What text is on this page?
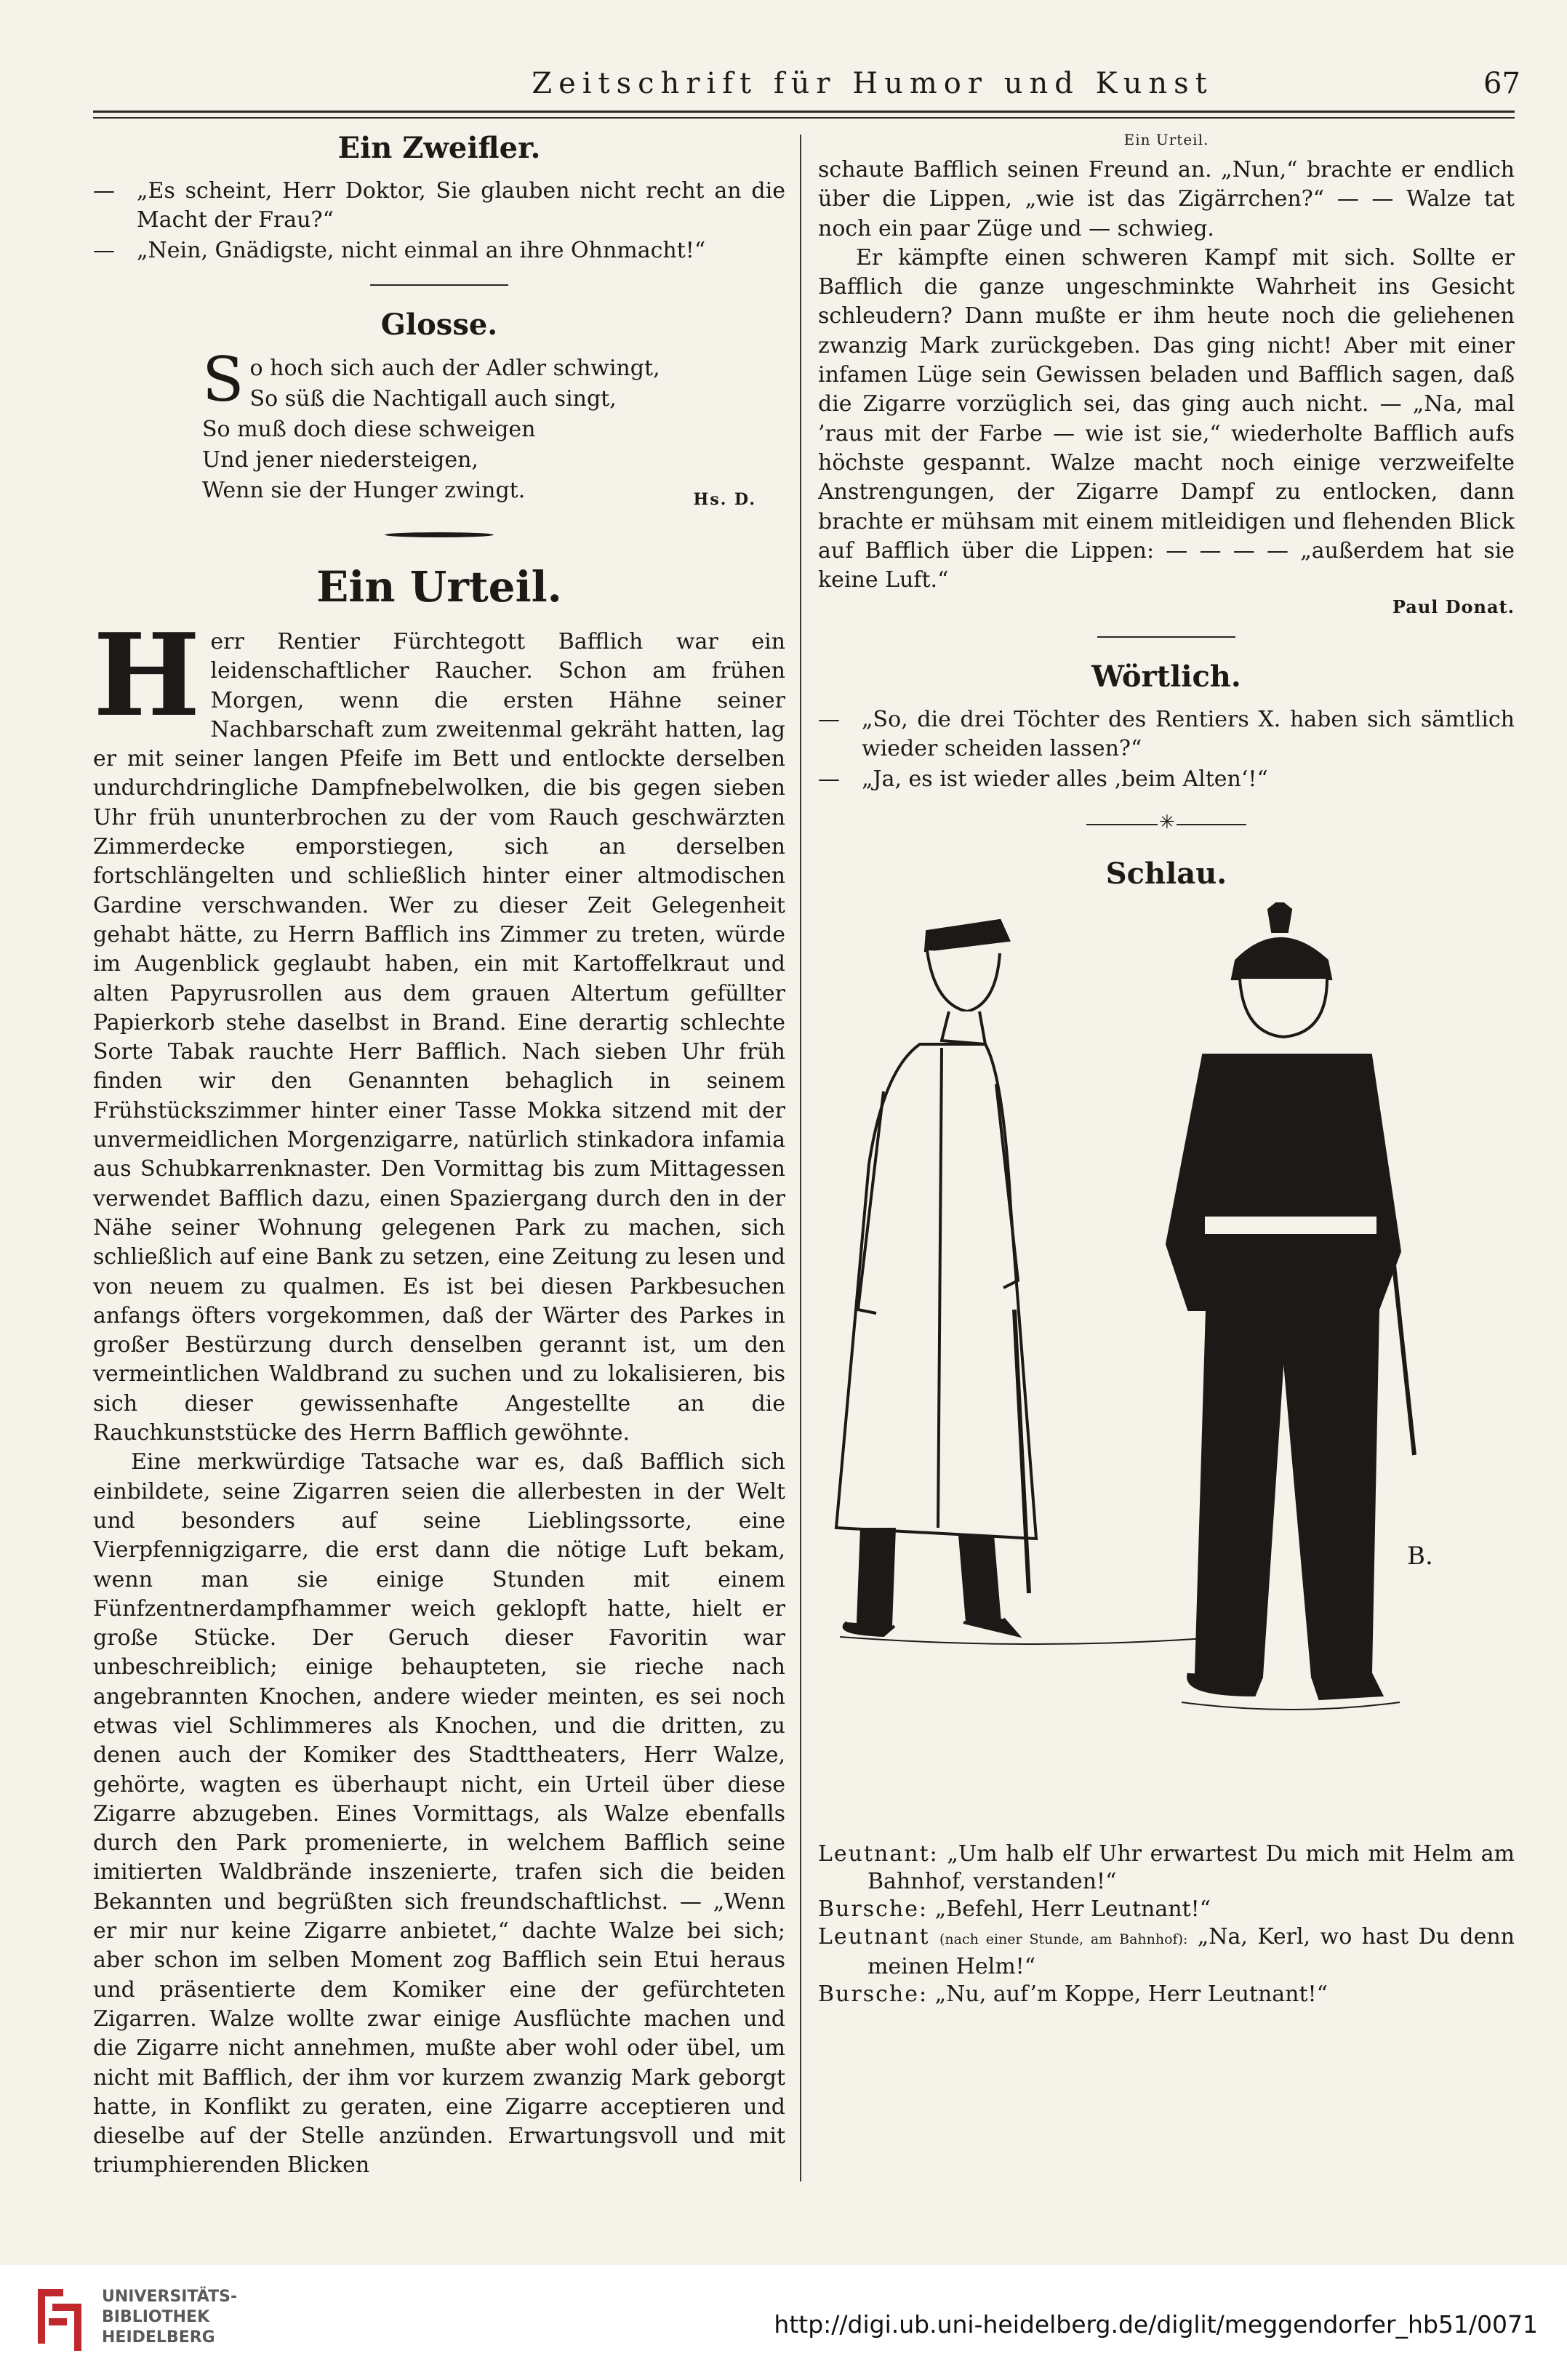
Zeitschrift für Humor und Kunst	67
Ein Zweifler.
— „Es scheint, Herr Doktor, Sie glauben nicht recht an die Macht der Frau?“
— „Nein, Gnädigste, nicht einmal an ihre Ohnmacht!“
Glosse.
So hoch sich auch der Adler schwingt,
So süß die Nachtigall auch singt,
So muß doch diese schweigen
Und jener niedersteigen,
Wenn sie der Hunger zwingt.	Hs. D.
Ein Urteil.

Herr Rentier Fürchtegott Bafflich war ein leidenschaftlicher Raucher. Schon am frühen Morgen, wenn die ersten Hähne seiner Nachbarschaft zum zweitenmal gekräht hatten, lag er mit seiner langen Pfeife im Bett und entlockte derselben undurchdringliche Dampfnebelwolken, die bis gegen sieben Uhr früh ununterbrochen zu der vom Rauch geschwärzten Zimmerdecke emporstiegen, sich an derselben fortschlängelten und schließlich hinter einer altmodischen Gardine verschwanden. Wer zu dieser Zeit Gelegenheit gehabt hätte, zu Herrn Bafflich ins Zimmer zu treten, würde im Augenblick geglaubt haben, ein mit Kartoffelkraut und alten Papyrusrollen aus dem grauen Altertum gefüllter Papierkorb stehe daselbst in Brand. Eine derartig schlechte Sorte Tabak rauchte Herr Bafflich. Nach sieben Uhr früh finden wir den Genannten behaglich in seinem Frühstückszimmer hinter einer Tasse Mokka sitzend mit der unvermeidlichen Morgenzigarre, natürlich stinkadora infamia aus Schubkarrenknaster. Den Vormittag bis zum Mittagessen verwendet Bafflich dazu, einen Spaziergang durch den in der Nähe seiner Wohnung gelegenen Park zu machen, sich schließlich auf eine Bank zu setzen, eine Zeitung zu lesen und von neuem zu qualmen. Es ist bei diesen Parkbesuchen anfangs öfters vorgekommen, daß der Wärter des Parkes in großer Bestürzung durch denselben gerannt ist, um den vermeintlichen Waldbrand zu suchen und zu lokalisieren, bis sich dieser gewissenhafte Angestellte an die Rauchkunststücke des Herrn Bafflich gewöhnte.

Eine merkwürdige Tatsache war es, daß Bafflich sich einbildete, seine Zigarren seien die allerbesten in der Welt und besonders auf seine Lieblingssorte, eine Vierpfennigzigarre, die erst dann die nötige Luft bekam, wenn man sie einige Stunden mit einem Fünfzentnerdampfhammer weich geklopft hatte, hielt er große Stücke. Der Geruch dieser Favoritin war unbeschreiblich; einige behaupteten, sie rieche nach angebrannten Knochen, andere wieder meinten, es sei noch etwas viel Schlimmeres als Knochen, und die dritten, zu denen auch der Komiker des Stadttheaters, Herr Walze, gehörte, wagten es überhaupt nicht, ein Urteil über diese Zigarre abzugeben. Eines Vormittags, als Walze ebenfalls durch den Park promenierte, in welchem Bafflich seine imitierten Waldbrände inszenierte, trafen sich die beiden Bekannten und begrüßten sich freundschaftlichst. — „Wenn er mir nur keine Zigarre anbietet,“ dachte Walze bei sich; aber schon im selben Moment zog Bafflich sein Etui heraus und präsentierte dem Komiker eine der gefürchteten Zigarren. Walze wollte zwar einige Ausflüchte machen und die Zigarre nicht annehmen, mußte aber wohl oder übel, um nicht mit Bafflich, der ihm vor kurzem zwanzig Mark geborgt hatte, in Konflikt zu geraten, eine Zigarre acceptieren und dieselbe auf der Stelle anzünden. Erwartungsvoll und mit triumphierenden Blicken

Ein Urteil.

schaute Bafflich seinen Freund an. „Nun,“ brachte er endlich über die Lippen, „wie ist das Zigärrchen?“ — — Walze tat noch ein paar Züge und — schwieg.

Er kämpfte einen schweren Kampf mit sich. Sollte er Bafflich die ganze ungeschminkte Wahrheit ins Gesicht schleudern? Dann mußte er ihm heute noch die geliehenen zwanzig Mark zurückgeben. Das ging nicht! Aber mit einer infamen Lüge sein Gewissen beladen und Bafflich sagen, daß die Zigarre vorzüglich sei, das ging auch nicht. — „Na, mal ’raus mit der Farbe — wie ist sie,“ wiederholte Bafflich aufs höchste gespannt. Walze macht noch einige verzweifelte Anstrengungen, der Zigarre Dampf zu entlocken, dann brachte er mühsam mit einem mitleidigen und flehenden Blick auf Bafflich über die Lippen: — — — — „außerdem hat sie keine Luft.“

Paul Donat.
Wörtlich.
— „So, die drei Töchter des Rentiers X. haben sich sämtlich wieder scheiden lassen?“
— „Ja, es ist wieder alles ‚beim Alten‘!“
✳
Schlau.
B.

Leutnant: „Um halb elf Uhr erwartest Du mich mit Helm am Bahnhof, verstanden!“

Bursche: „Befehl, Herr Leutnant!“

Leutnant (nach einer Stunde, am Bahnhof): „Na, Kerl, wo hast Du denn meinen Helm!“

Bursche: „Nu, auf’m Koppe, Herr Leutnant!“

UNIVERSITÄTS-
BIBLIOTHEK
HEIDELBERG	http://digi.ub.uni-heidelberg.de/diglit/meggendorfer_hb51/0071
